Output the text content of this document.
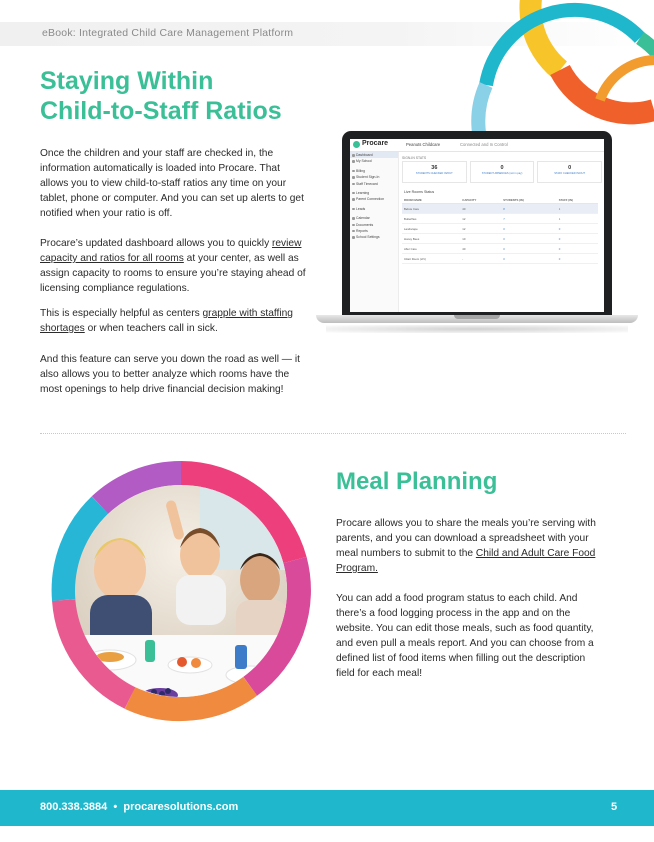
eBook: Integrated Child Care Management Platform
Staying Within
Child-to-Staff Ratios

Once the children and your staff are checked in, the information automatically is loaded into Procare. That allows you to view child-to-staff ratios any time on your tablet, phone or computer. And you can set up alerts to get notified when your ratio is off.

Procare’s updated dashboard allows you to quickly review capacity and ratios for all rooms at your center, as well as assign capacity to rooms to ensure you’re staying ahead of licensing compliance regulations.

This is especially helpful as centers grapple with staffing shortages or when teachers call in sick.

And this feature can serve you down the road as well — it also allows you to better analyze which rooms have the most openings to help drive financial decision making!

Procare	Peanuts Childcare	Connected and In Control
Dashboard
My School
Billing
Student Sign-In
Staff Timecard
Learning
Parent Connection
Leads
Calendar
Documents
Reports
School Settings
SIGN-IN STATS
36
STUDENTS CHECKED IN/OUT
0
STUDENT ABSENCES (not in pay)
0
STAFF CHECKED IN/OUT
Live Rooms Status
ROOM NAME	CAPACITY	STUDENTS (IN)	STAFF (IN)
Before Care	40	8	1
Butterflies	12	7	1
Landscape	12	0	0
Honey Bees	10	0	0
After Care	40	0	0
Infant Room (2/1)	-	0	0
Meal Planning

Procare allows you to share the meals you’re serving with parents, and you can download a spreadsheet with your meal numbers to submit to the Child and Adult Care Food Program.

You can add a food program status to each child. And there’s a food logging process in the app and on the website. You can edit those meals, such as food quantity, and even pull a meals report. And you can choose from a defined list of food items when filling out the description field for each meal!

800.338.3884  •  procaresolutions.com	5
